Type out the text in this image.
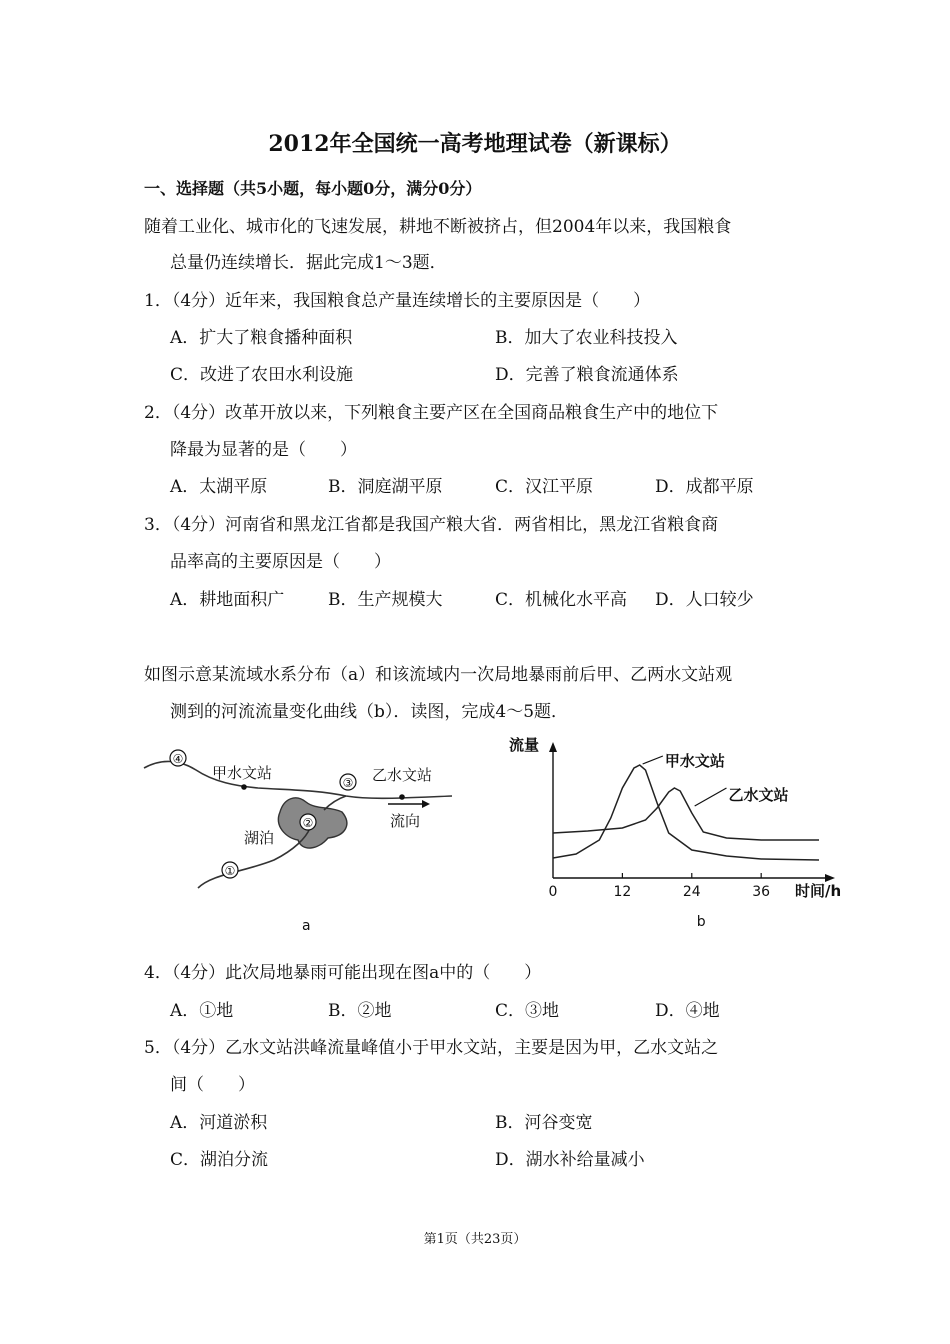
2012年全国统一高考地理试卷（新课标）
一、选择题（共5小题，每小题0分，满分0分）
随着工业化、城市化的飞速发展，耕地不断被挤占，但2004年以来，我国粮食
总量仍连续增长．据此完成1～3题．
1．（4分）近年来，我国粮食总产量连续增长的主要原因是（　　）
A．扩大了粮食播种面积	B．加大了农业科技投入
C．改进了农田水利设施	D．完善了粮食流通体系
2．（4分）改革开放以来，下列粮食主要产区在全国商品粮食生产中的地位下
降最为显著的是（　　）
A．太湖平原	B．洞庭湖平原	C．汉江平原	D．成都平原
3．（4分）河南省和黑龙江省都是我国产粮大省．两省相比，黑龙江省粮食商
品率高的主要原因是（　　）
A．耕地面积广	B．生产规模大	C．机械化水平高 D．人口较少
如图示意某流域水系分布（a）和该流域内一次局地暴雨前后甲、乙两水文站观
测到的河流流量变化曲线（b）．读图，完成4～5题．
甲水文站	乙水文站
湖泊
流向
a
④
③
②
①
0	12	24	36
流量
时间/h
甲水文站
乙水文站
b
4．（4分）此次局地暴雨可能出现在图a中的（　　）
A．①地	B．②地	C．③地	D．④地
5．（4分）乙水文站洪峰流量峰值小于甲水文站，主要是因为甲，乙水文站之
间（　　）
A．河道淤积	B．河谷变宽
C．湖泊分流	D．湖水补给量减小
第1页（共23页）
